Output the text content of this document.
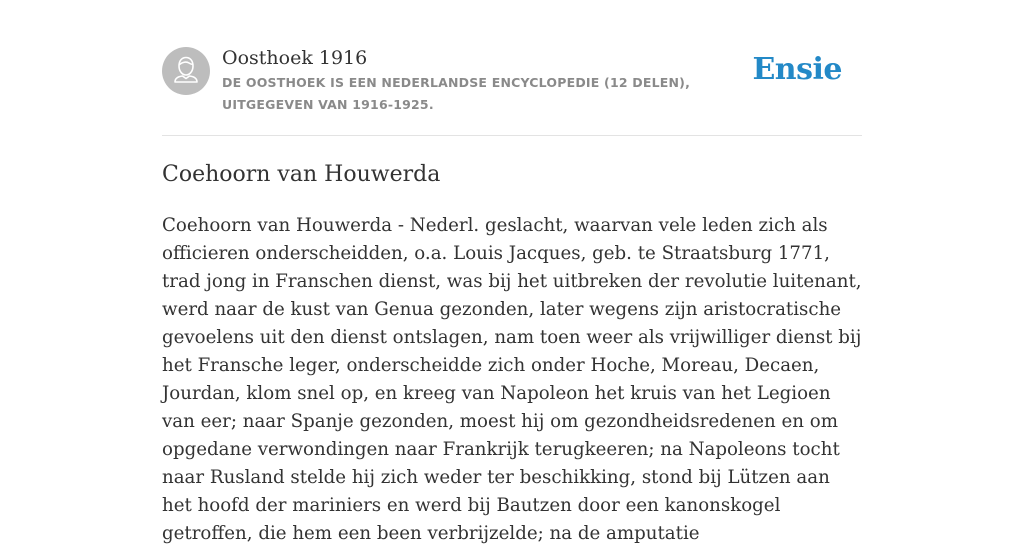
Oosthoek 1916
DE OOSTHOEK IS EEN NEDERLANDSE ENCYCLOPEDIE (12 DELEN), UITGEGEVEN VAN 1916-1925.
Ensie
Coehoorn van Houwerda

Coehoorn van Houwerda - Nederl. geslacht, waarvan vele leden zich als officieren onderscheidden, o.a. Louis Jacques, geb. te Straatsburg 1771, trad jong in Franschen dienst, was bij het uitbreken der revolutie luitenant, werd naar de kust van Genua gezonden, later wegens zijn aristocratische gevoelens uit den dienst ontslagen, nam toen weer als vrijwilliger dienst bij het Fransche leger, onderscheidde zich onder Hoche, Moreau, Decaen, Jourdan, klom snel op, en kreeg van Napoleon het kruis van het Legioen van eer; naar Spanje gezonden, moest hij om gezondheidsredenen en om opgedane verwondingen naar Frankrijk terugkeeren; na Napoleons tocht naar Rusland stelde hij zich weder ter beschikking, stond bij Lützen aan het hoofd der mariniers en werd bij Bautzen door een kanonskogel getroffen, die hem een been verbrijzelde; na de amputatie
